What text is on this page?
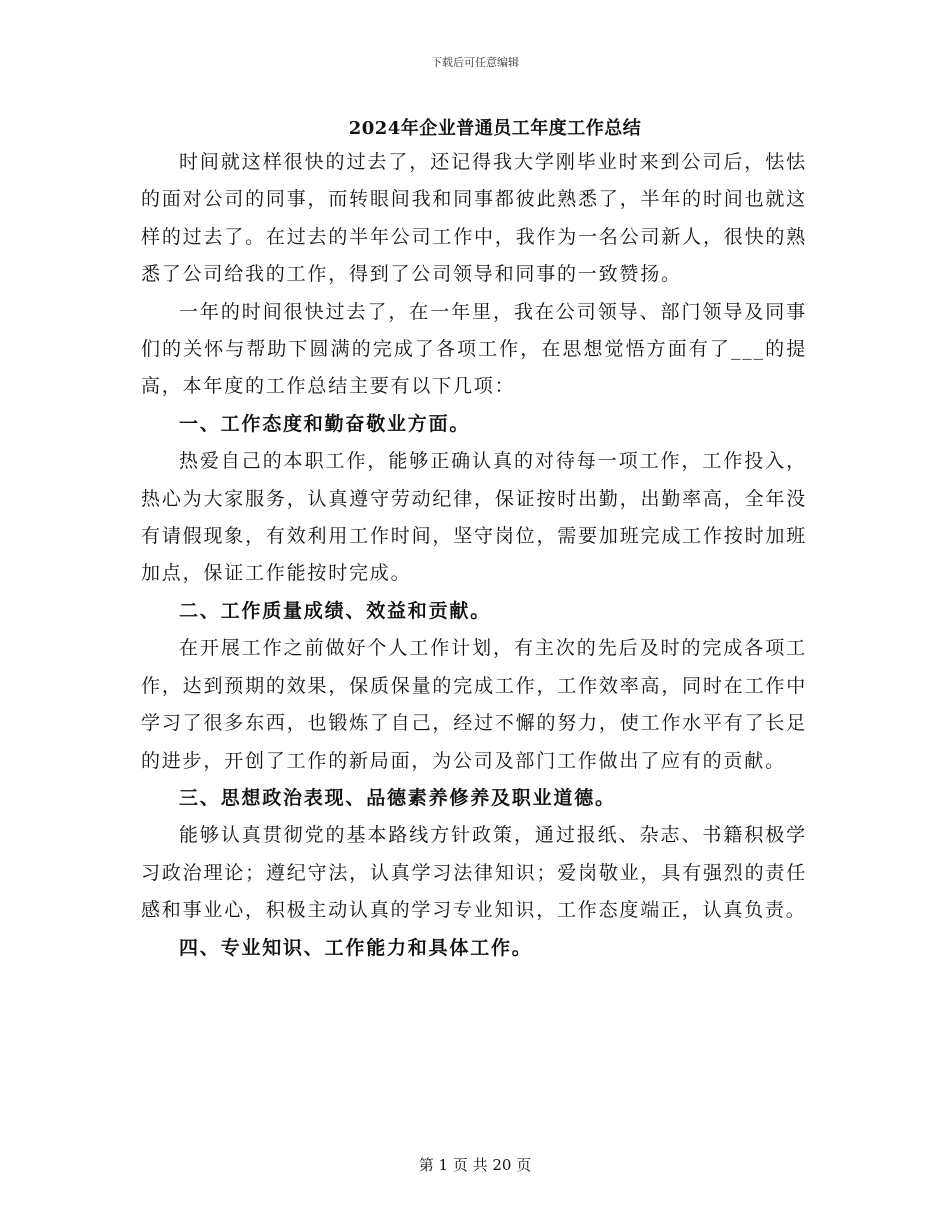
下载后可任意编辑
2024年企业普通员工年度工作总结

时间就这样很快的过去了，还记得我大学刚毕业时来到公司后，怯怯的面对公司的同事，而转眼间我和同事都彼此熟悉了，半年的时间也就这样的过去了。在过去的半年公司工作中，我作为一名公司新人，很快的熟悉了公司给我的工作，得到了公司领导和同事的一致赞扬。

一年的时间很快过去了，在一年里，我在公司领导、部门领导及同事们的关怀与帮助下圆满的完成了各项工作，在思想觉悟方面有了___的提高，本年度的工作总结主要有以下几项：

一、工作态度和勤奋敬业方面。

热爱自己的本职工作，能够正确认真的对待每一项工作，工作投入，热心为大家服务，认真遵守劳动纪律，保证按时出勤，出勤率高，全年没有请假现象，有效利用工作时间，坚守岗位，需要加班完成工作按时加班加点，保证工作能按时完成。

二、工作质量成绩、效益和贡献。

在开展工作之前做好个人工作计划，有主次的先后及时的完成各项工作，达到预期的效果，保质保量的完成工作，工作效率高，同时在工作中学习了很多东西，也锻炼了自己，经过不懈的努力，使工作水平有了长足的进步，开创了工作的新局面，为公司及部门工作做出了应有的贡献。

三、思想政治表现、品德素养修养及职业道德。

能够认真贯彻党的基本路线方针政策，通过报纸、杂志、书籍积极学习政治理论；遵纪守法，认真学习法律知识；爱岗敬业，具有强烈的责任感和事业心，积极主动认真的学习专业知识，工作态度端正，认真负责。

四、专业知识、工作能力和具体工作。

第 1 页 共 20 页
